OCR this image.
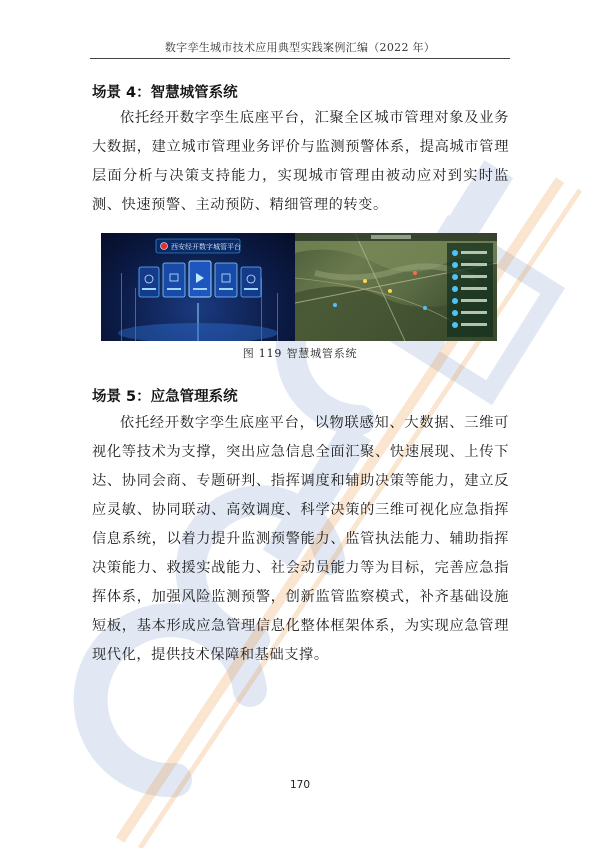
数字孪生城市技术应用典型实践案例汇编（2022 年）
场景 4：智慧城管系统
依托经开数字孪生底座平台，汇聚全区城市管理对象及业务大数据，建立城市管理业务评价与监测预警体系，提高城市管理层面分析与决策支持能力，实现城市管理由被动应对到实时监测、快速预警、主动预防、精细管理的转变。
西安经开数字城管平台
图 119 智慧城管系统
场景 5：应急管理系统
依托经开数字孪生底座平台，以物联感知、大数据、三维可视化等技术为支撑，突出应急信息全面汇聚、快速展现、上传下达、协同会商、专题研判、指挥调度和辅助决策等能力，建立反应灵敏、协同联动、高效调度、科学决策的三维可视化应急指挥信息系统，以着力提升监测预警能力、监管执法能力、辅助指挥决策能力、救援实战能力、社会动员能力等为目标，完善应急指挥体系，加强风险监测预警，创新监管监察模式，补齐基础设施短板，基本形成应急管理信息化整体框架体系，为实现应急管理现代化，提供技术保障和基础支撑。
170
